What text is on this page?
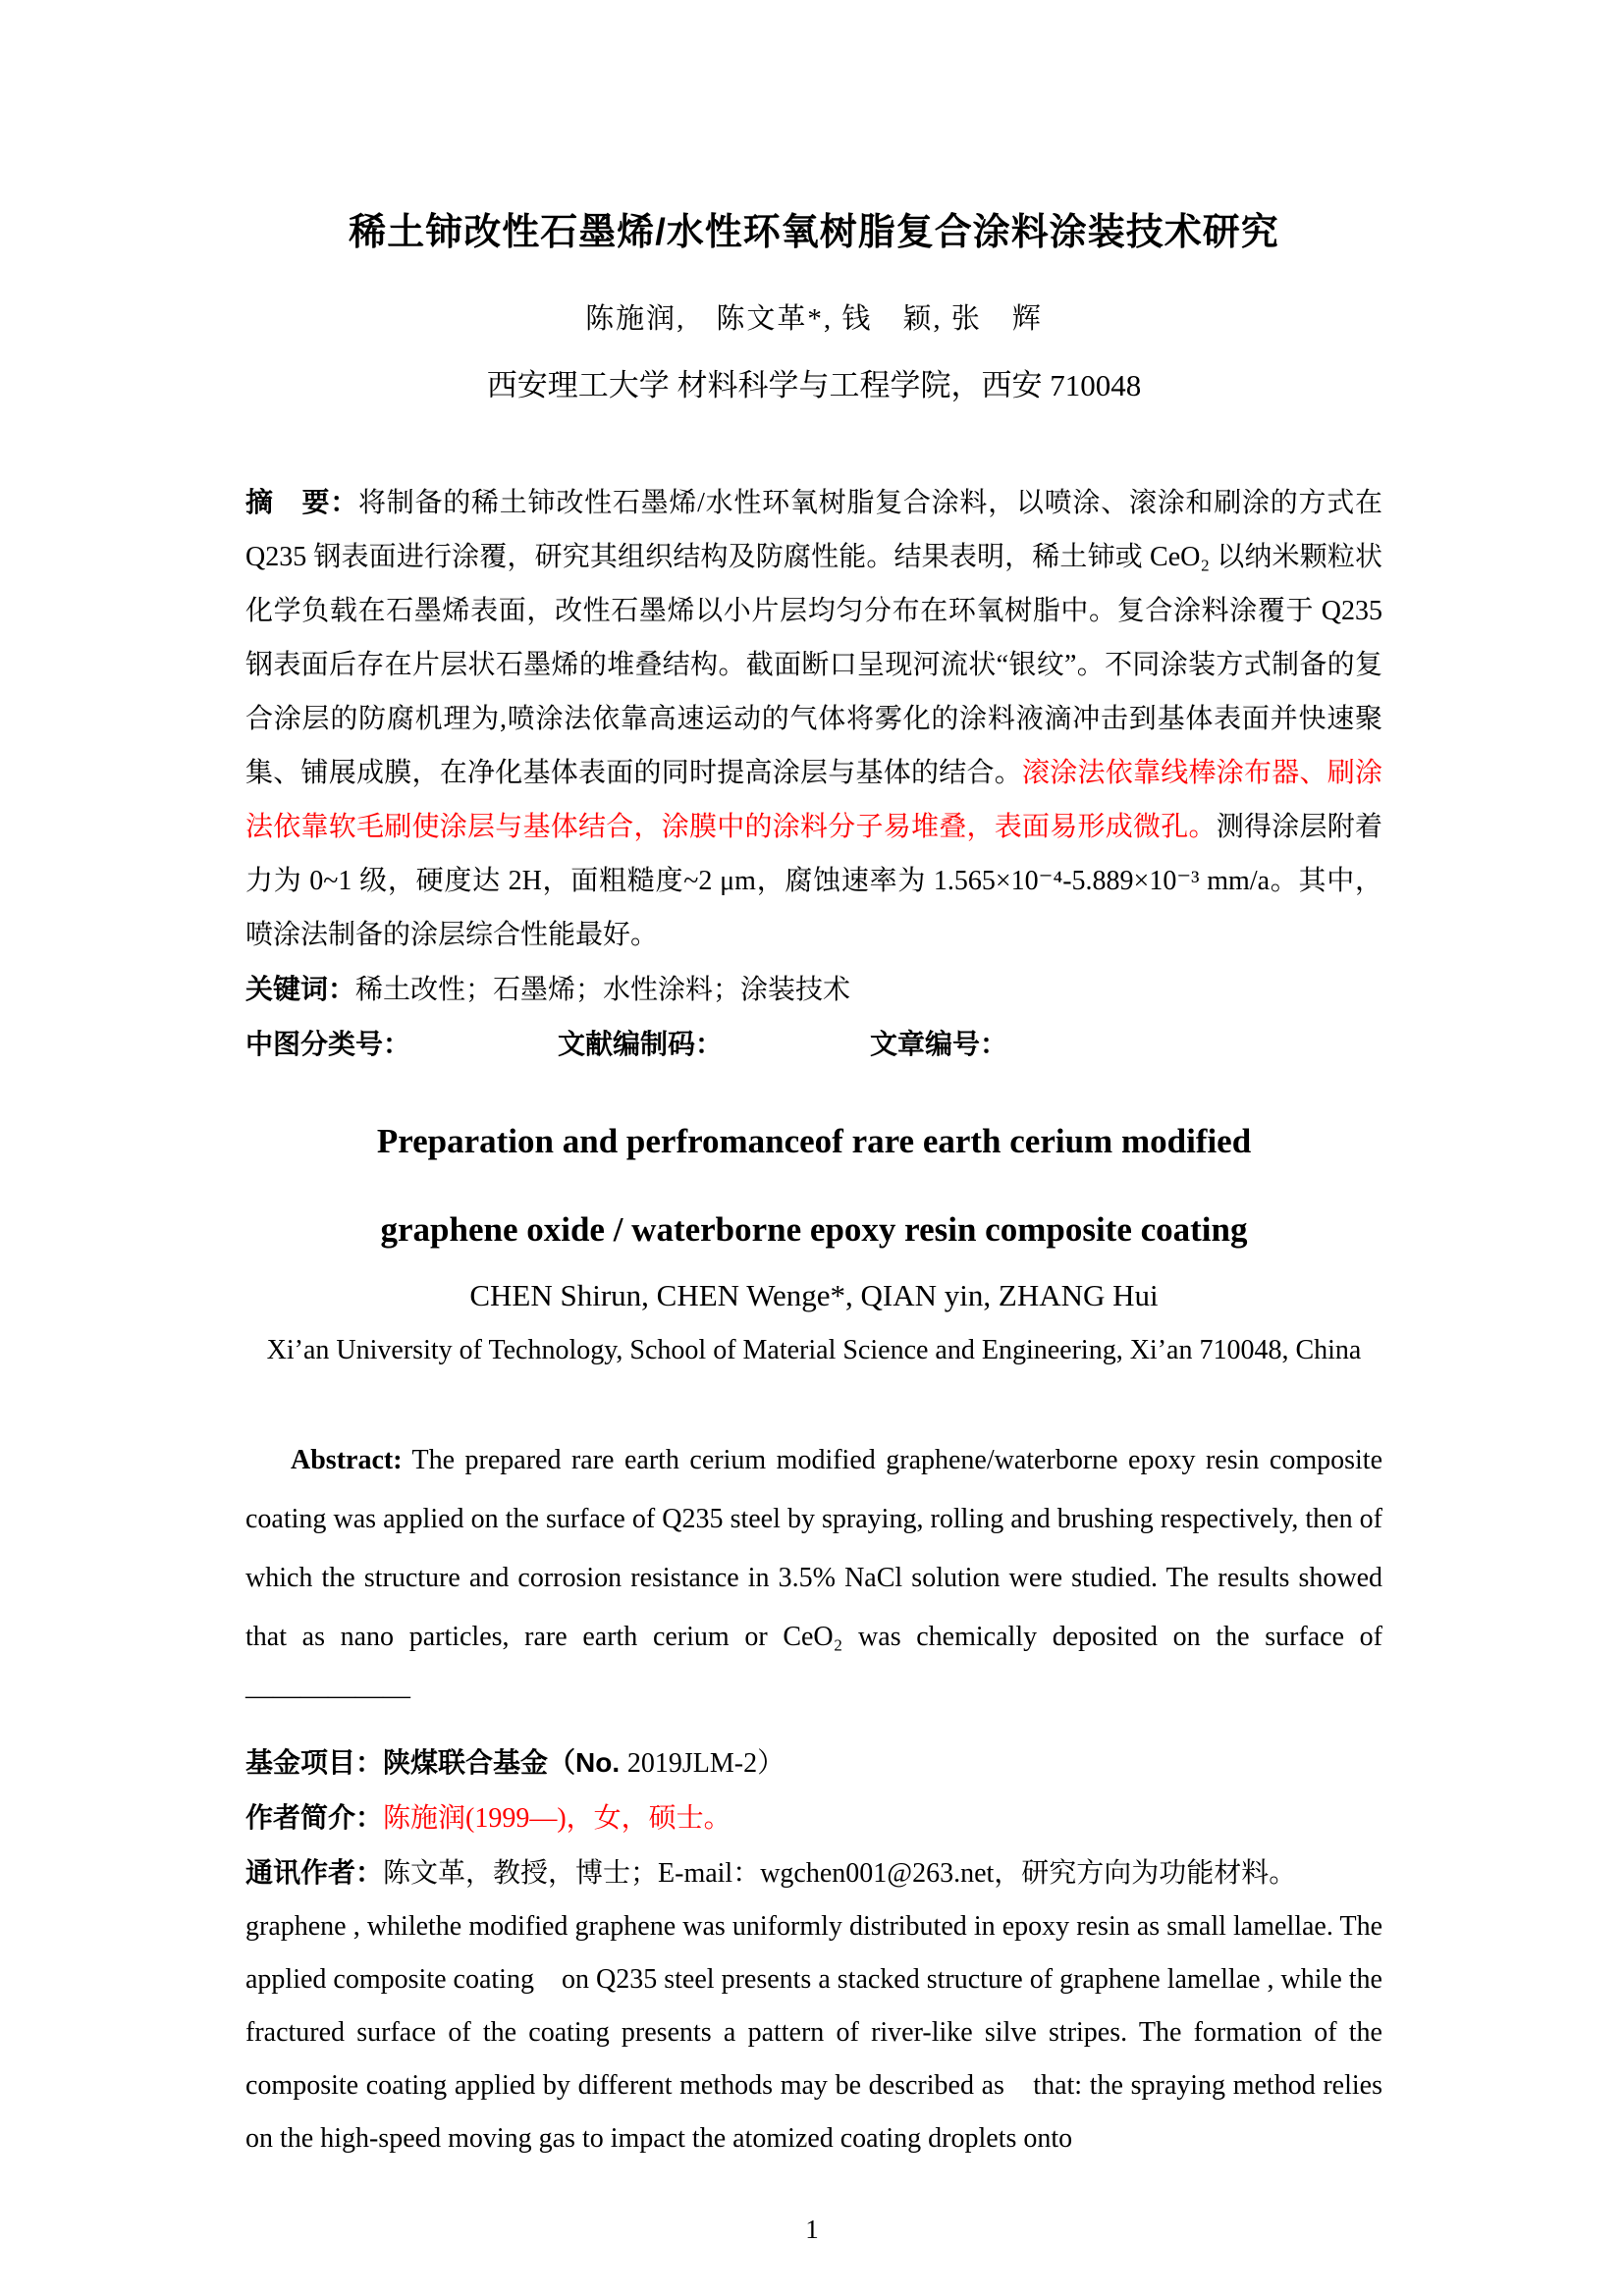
稀土铈改性石墨烯/水性环氧树脂复合涂料涂装技术研究
陈施润,　陈文革*, 钱　颖, 张　辉
西安理工大学 材料科学与工程学院，西安 710048

摘　要：将制备的稀土铈改性石墨烯/水性环氧树脂复合涂料，以喷涂、滚涂和刷涂的方式在 Q235 钢表面进行涂覆，研究其组织结构及防腐性能。结果表明，稀土铈或 CeO₂ 以纳米颗粒状化学负载在石墨烯表面，改性石墨烯以小片层均匀分布在环氧树脂中。复合涂料涂覆于 Q235 钢表面后存在片层状石墨烯的堆叠结构。截面断口呈现河流状“银纹”。不同涂装方式制备的复合涂层的防腐机理为,喷涂法依靠高速运动的气体将雾化的涂料液滴冲击到基体表面并快速聚集、铺展成膜，在净化基体表面的同时提高涂层与基体的结合。滚涂法依靠线棒涂布器、刷涂法依靠软毛刷使涂层与基体结合，涂膜中的涂料分子易堆叠，表面易形成微孔。测得涂层附着力为 0~1 级，硬度达 2H，面粗糙度~2 μm，腐蚀速率为 1.565×10⁻⁴-5.889×10⁻³ mm/a。其中，喷涂法制备的涂层综合性能最好。

关键词：稀土改性；石墨烯；水性涂料；涂装技术

中图分类号：	文献编制码：	文章编号：

Preparation and perfromanceof rare earth cerium modified
graphene oxide / waterborne epoxy resin composite coating
CHEN Shirun, CHEN Wenge*, QIAN yin, ZHANG Hui
Xi’an University of Technology, School of Material Science and Engineering, Xi’an 710048, China

Abstract: The prepared rare earth cerium modified graphene/waterborne epoxy resin composite coating was applied on the surface of Q235 steel by spraying, rolling and brushing respectively, then of which the structure and corrosion resistance in 3.5% NaCl solution were studied. The results showed that as nano particles, rare earth cerium or CeO₂ was chemically deposited on the surface of ——————

基金项目：陕煤联合基金（No. 2019JLM-2）

作者简介：陈施润(1999—)，女，硕士。

通讯作者：陈文革，教授，博士；E-mail：wgchen001@263.net，研究方向为功能材料。

graphene , whilethe modified graphene was uniformly distributed in epoxy resin as small lamellae. The applied composite coating　on Q235 steel presents a stacked structure of graphene lamellae , while the fractured surface of the coating presents a pattern of river-like silve stripes. The formation of the composite coating applied by different methods may be described as　that: the spraying method relies on the high-speed moving gas to impact the atomized coating droplets onto

1
